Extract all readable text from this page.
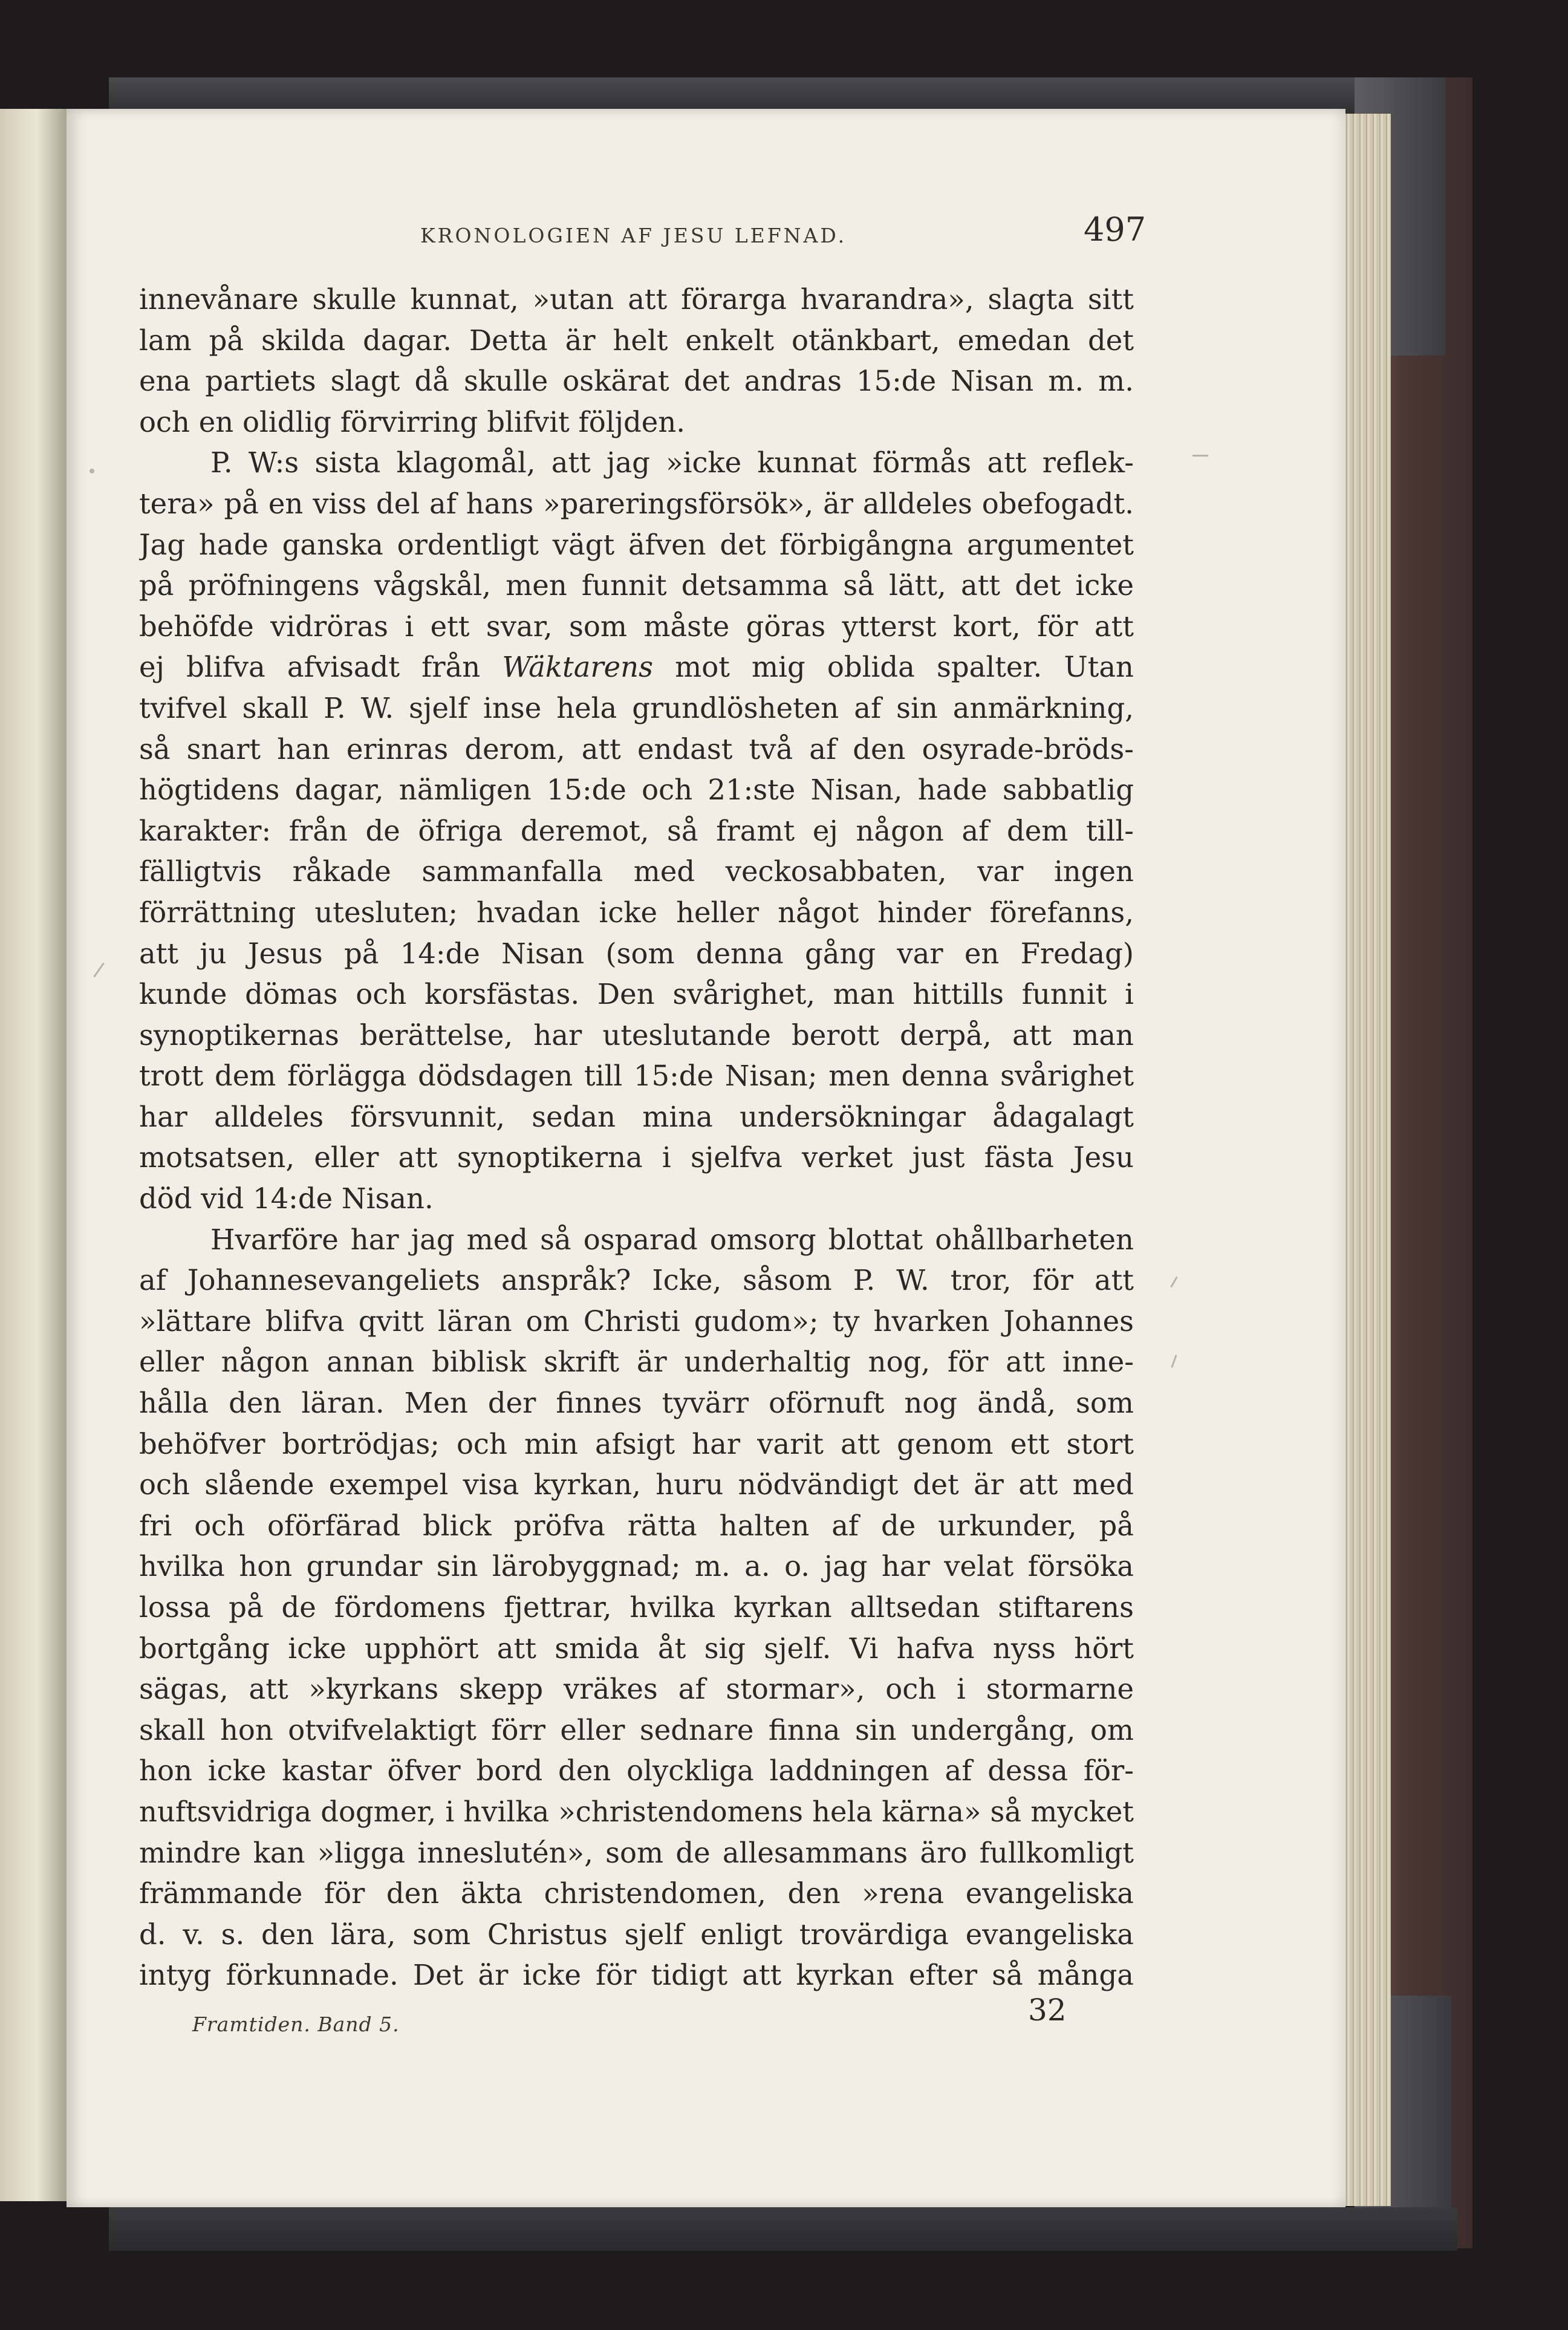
KRONOLOGIEN AF JESU LEFNAD.	497
innevånare skulle kunnat, »utan att förarga hvarandra», slagta sitt
lam på skilda dagar. Detta är helt enkelt otänkbart, emedan det
ena partiets slagt då skulle oskärat det andras 15:de Nisan m. m.
och en olidlig förvirring blifvit följden.
P. W:s sista klagomål, att jag »icke kunnat förmås att reflek-
tera» på en viss del af hans »pareringsförsök», är alldeles obefogadt.
Jag hade ganska ordentligt vägt äfven det förbigångna argumentet
på pröfningens vågskål, men funnit detsamma så lätt, att det icke
behöfde vidröras i ett svar, som måste göras ytterst kort, för att
ej blifva afvisadt från Wäktarens mot mig oblida spalter. Utan
tvifvel skall P. W. sjelf inse hela grundlösheten af sin anmärkning,
så snart han erinras derom, att endast två af den osyrade-bröds-
högtidens dagar, nämligen 15:de och 21:ste Nisan, hade sabbatlig
karakter: från de öfriga deremot, så framt ej någon af dem till-
fälligtvis råkade sammanfalla med veckosabbaten, var ingen
förrättning utesluten; hvadan icke heller något hinder förefanns,
att ju Jesus på 14:de Nisan (som denna gång var en Fredag)
kunde dömas och korsfästas. Den svårighet, man hittills funnit i
synoptikernas berättelse, har uteslutande berott derpå, att man
trott dem förlägga dödsdagen till 15:de Nisan; men denna svårighet
har alldeles försvunnit, sedan mina undersökningar ådagalagt
motsatsen, eller att synoptikerna i sjelfva verket just fästa Jesu
död vid 14:de Nisan.
Hvarföre har jag med så osparad omsorg blottat ohållbarheten
af Johannesevangeliets anspråk? Icke, såsom P. W. tror, för att
»lättare blifva qvitt läran om Christi gudom»; ty hvarken Johannes
eller någon annan biblisk skrift är underhaltig nog, för att inne-
hålla den läran. Men der finnes tyvärr oförnuft nog ändå, som
behöfver bortrödjas; och min afsigt har varit att genom ett stort
och slående exempel visa kyrkan, huru nödvändigt det är att med
fri och oförfärad blick pröfva rätta halten af de urkunder, på
hvilka hon grundar sin lärobyggnad; m. a. o. jag har velat försöka
lossa på de fördomens fjettrar, hvilka kyrkan alltsedan stiftarens
bortgång icke upphört att smida åt sig sjelf. Vi hafva nyss hört
sägas, att »kyrkans skepp vräkes af stormar», och i stormarne
skall hon otvifvelaktigt förr eller sednare finna sin undergång, om
hon icke kastar öfver bord den olyckliga laddningen af dessa för-
nuftsvidriga dogmer, i hvilka »christendomens hela kärna» så mycket
mindre kan »ligga inneslutén», som de allesammans äro fullkomligt
främmande för den äkta christendomen, den »rena evangeliska
d. v. s. den lära, som Christus sjelf enligt trovärdiga evangeliska
intyg förkunnade. Det är icke för tidigt att kyrkan efter så många
Framtiden. Band 5.	32
